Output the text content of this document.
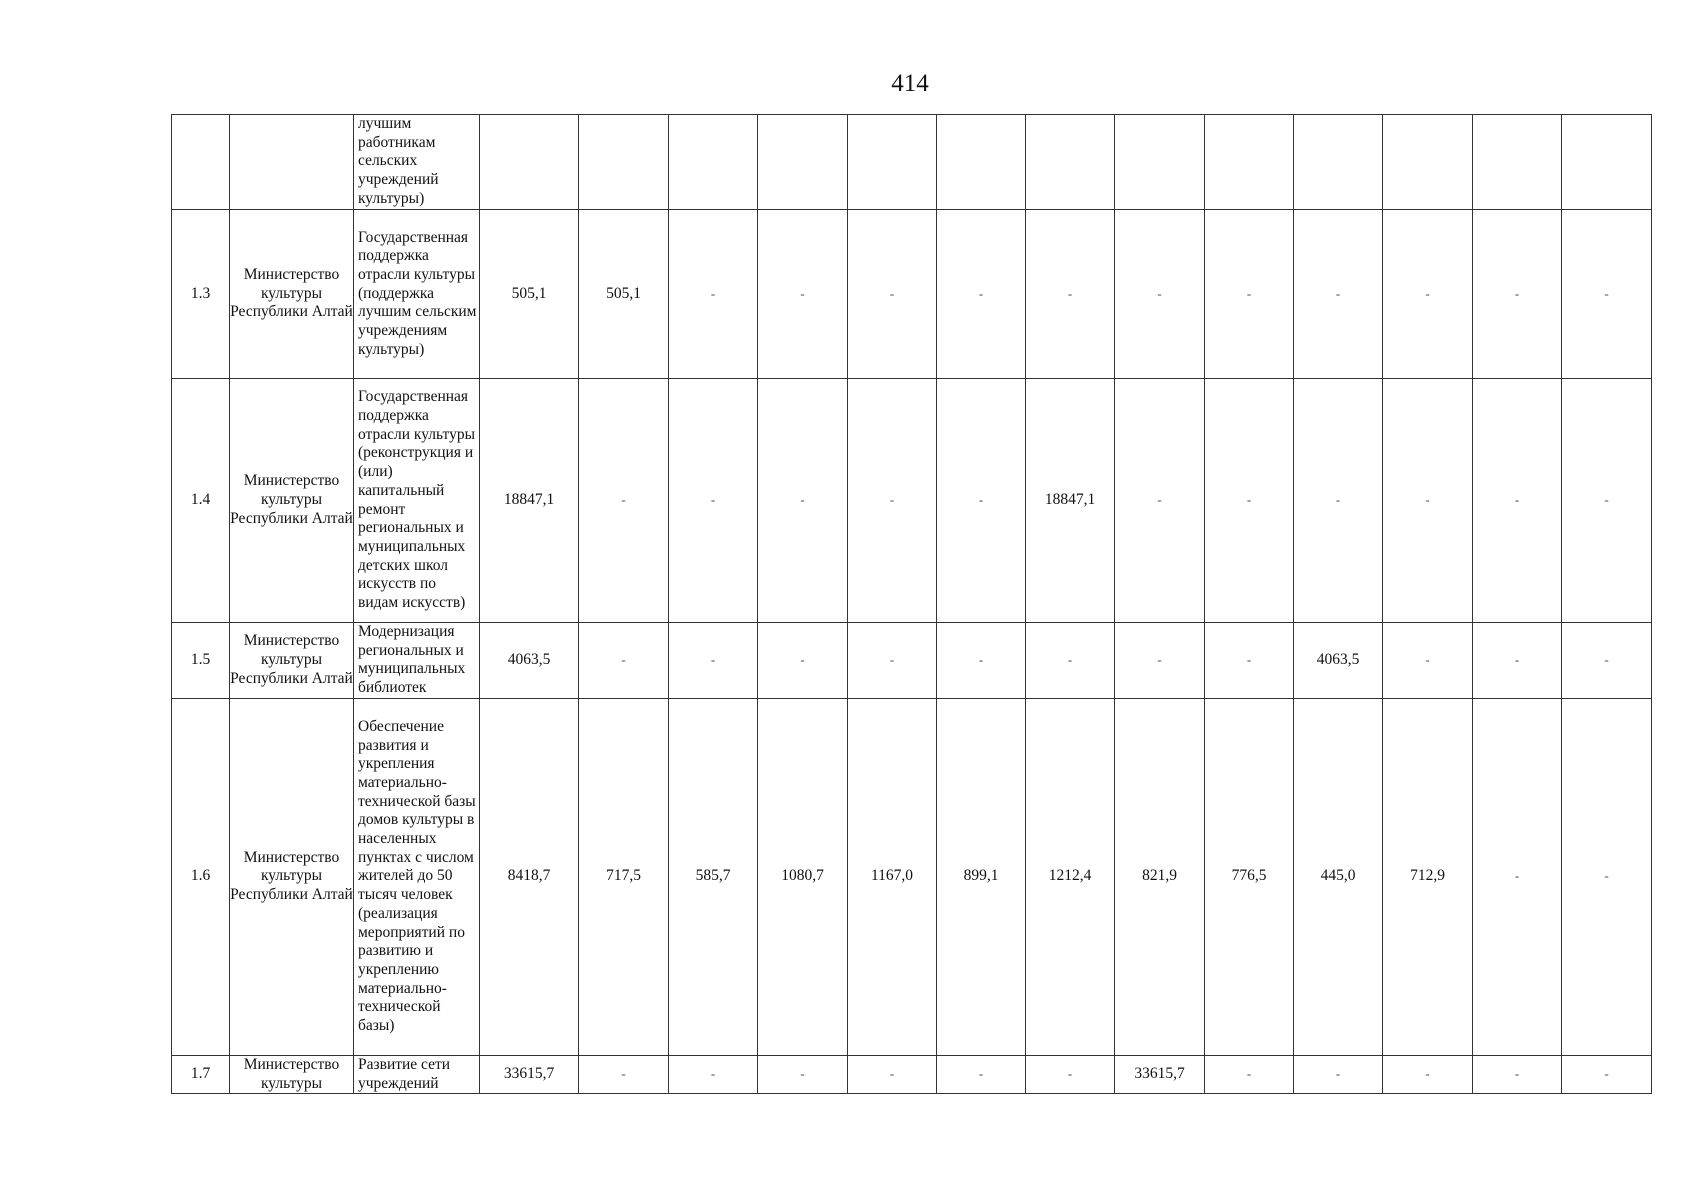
414
		лучшим работникам сельских учреждений культуры)													
1.3	Министерство культуры Республики Алтай	Государственная поддержка отрасли культуры (поддержка лучшим сельским учреждениям культуры)	505,1	505,1	-	-	-	-	-	-	-	-	-	-	-
1.4	Министерство культуры Республики Алтай	Государственная поддержка отрасли культуры (реконструкция и (или) капитальный ремонт региональных и муниципальных детских школ искусств по видам искусств)	18847,1	-	-	-	-	-	18847,1	-	-	-	-	-	-
1.5	Министерство культуры Республики Алтай	Модернизация региональных и муниципальных библиотек	4063,5	-	-	-	-	-	-	-	-	4063,5	-	-	-
1.6	Министерство культуры Республики Алтай	Обеспечение развития и укрепления материально-технической базы домов культуры в населенных пунктах с числом жителей до 50 тысяч человек (реализация мероприятий по развитию и укреплению материально-технической базы)	8418,7	717,5	585,7	1080,7	1167,0	899,1	1212,4	821,9	776,5	445,0	712,9	-	-
1.7	Министерство культуры	Развитие сети учреждений	33615,7	-	-	-	-	-	-	33615,7	-	-	-	-	-
